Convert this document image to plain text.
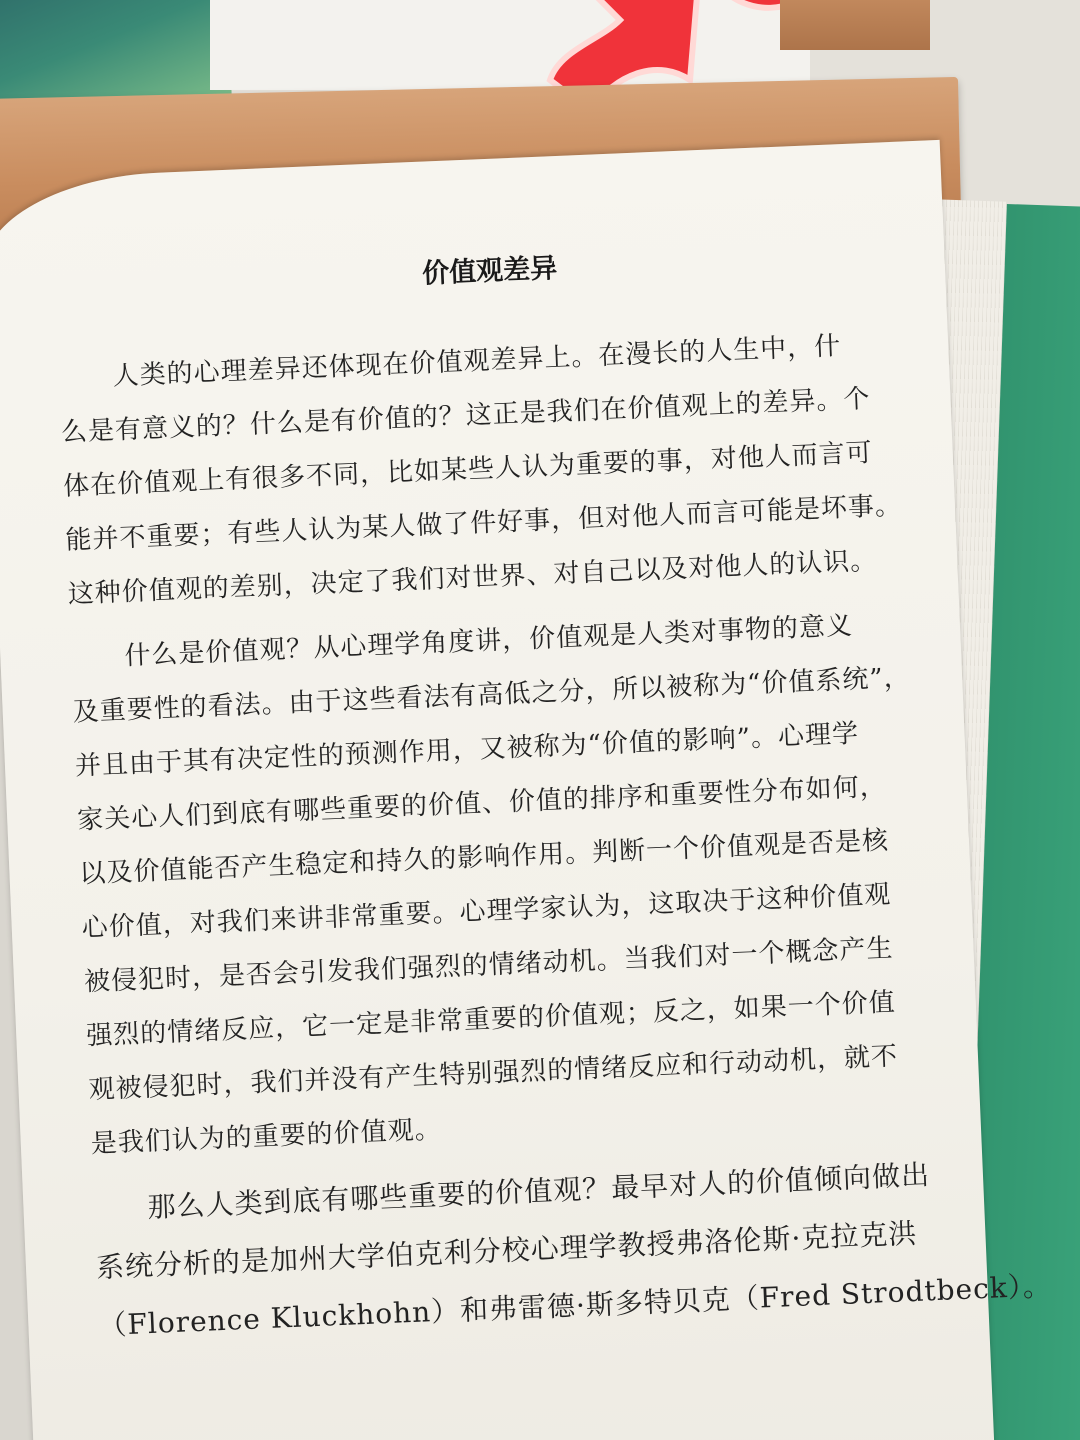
价值观差异
人类的心理差异还体现在价值观差异上。在漫长的人生中，什
么是有意义的？什么是有价值的？这正是我们在价值观上的差异。个
体在价值观上有很多不同，比如某些人认为重要的事，对他人而言可
能并不重要；有些人认为某人做了件好事，但对他人而言可能是坏事。
这种价值观的差别，决定了我们对世界、对自己以及对他人的认识。
什么是价值观？从心理学角度讲，价值观是人类对事物的意义
及重要性的看法。由于这些看法有高低之分，所以被称为“价值系统”，
并且由于其有决定性的预测作用，又被称为“价值的影响”。心理学
家关心人们到底有哪些重要的价值、价值的排序和重要性分布如何，
以及价值能否产生稳定和持久的影响作用。判断一个价值观是否是核
心价值，对我们来讲非常重要。心理学家认为，这取决于这种价值观
被侵犯时，是否会引发我们强烈的情绪动机。当我们对一个概念产生
强烈的情绪反应，它一定是非常重要的价值观；反之，如果一个价值
观被侵犯时，我们并没有产生特别强烈的情绪反应和行动动机，就不
是我们认为的重要的价值观。
那么人类到底有哪些重要的价值观？最早对人的价值倾向做出
系统分析的是加州大学伯克利分校心理学教授弗洛伦斯·克拉克洪
（Florence Kluckhohn）和弗雷德·斯多特贝克（Fred Strodtbeck）。
